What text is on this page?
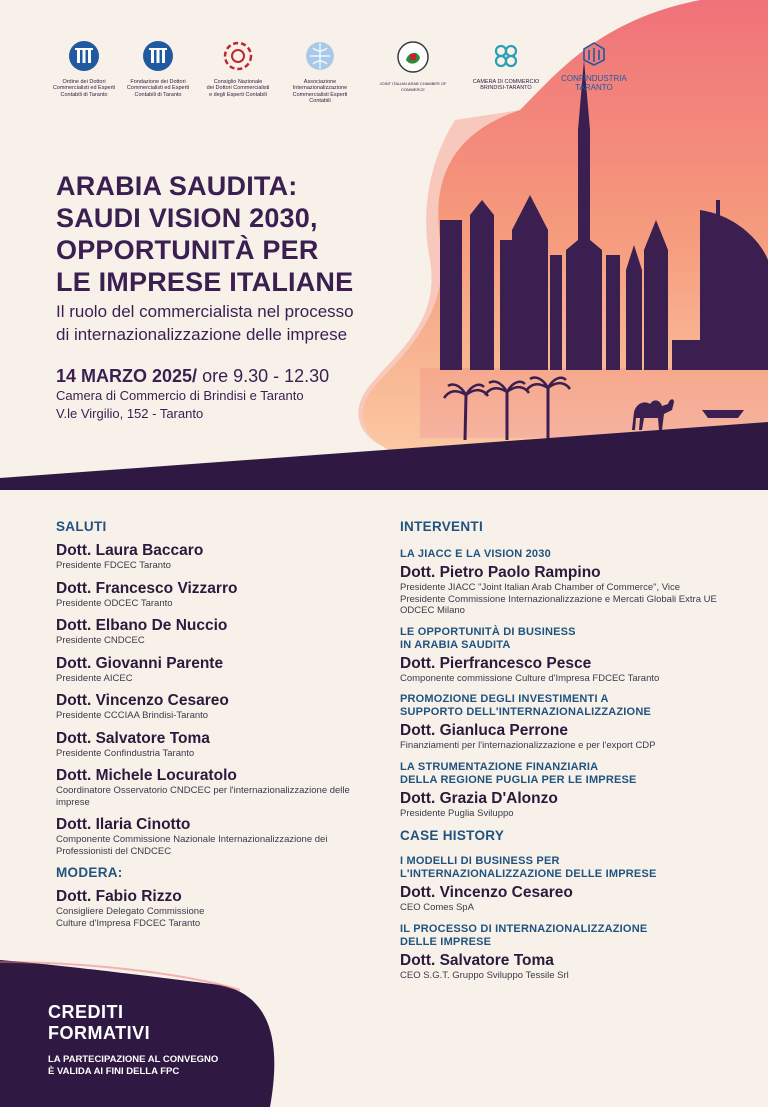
Ordine dei Dottori
Commercialisti ed Esperti
Contabili di Taranto
Fondazione dei Dottori
Commercialisti ed Esperti
Contabili di Taranto
Consiglio Nazionale
dei Dottori Commercialisti
e degli Esperti Contabili
Associazione
Internazionalizzazione
Commercialisti Esperti Contabili
JOINT ITALIAN ARAB CHAMBER OF COMMERCE
CAMERA DI COMMERCIO
BRINDISI-TARANTO
CONFINDUSTRIA
TARANTO
ARABIA SAUDITA:
SAUDI VISION 2030,
OPPORTUNITÀ PER
LE IMPRESE ITALIANE
Il ruolo del commercialista nel processo
di internazionalizzazione delle imprese
14 MARZO 2025/ ore 9.30 - 12.30
Camera di Commercio di Brindisi e Taranto
V.le Virgilio, 152 - Taranto
SALUTI
Dott. Laura Baccaro
Presidente FDCEC Taranto
Dott. Francesco Vizzarro
Presidente ODCEC Taranto
Dott. Elbano De Nuccio
Presidente CNDCEC
Dott. Giovanni Parente
Presidente AICEC
Dott. Vincenzo Cesareo
Presidente CCCIAA Brindisi-Taranto
Dott. Salvatore Toma
Presidente Confindustria Taranto
Dott. Michele Locuratolo
Coordinatore Osservatorio CNDCEC per l'internazionalizzazione delle imprese
Dott. Ilaria Cinotto
Componente Commissione Nazionale Internazionalizzazione dei Professionisti del CNDCEC
MODERA:
Dott. Fabio Rizzo
Consigliere Delegato Commissione
Culture d'Impresa FDCEC Taranto
INTERVENTI
LA JIACC E LA VISION 2030
Dott. Pietro Paolo Rampino
Presidente JIACC "Joint Italian Arab Chamber of Commerce", Vice Presidente Commissione Internazionalizzazione e Mercati Globali Extra UE ODCEC Milano
LE OPPORTUNITÀ DI BUSINESS
IN ARABIA SAUDITA
Dott. Pierfrancesco Pesce
Componente commissione Culture d'Impresa FDCEC Taranto
PROMOZIONE DEGLI INVESTIMENTI A
SUPPORTO DELL'INTERNAZIONALIZZAZIONE
Dott. Gianluca Perrone
Finanziamenti per l'internazionalizzazione e per l'export CDP
LA STRUMENTAZIONE FINANZIARIA
DELLA REGIONE PUGLIA PER LE IMPRESE
Dott. Grazia D'Alonzo
Presidente Puglia Sviluppo
CASE HISTORY
I MODELLI DI BUSINESS PER
L'INTERNAZIONALIZZAZIONE DELLE IMPRESE
Dott. Vincenzo Cesareo
CEO Comes SpA
IL PROCESSO DI INTERNAZIONALIZZAZIONE
DELLE IMPRESE
Dott. Salvatore Toma
CEO S.G.T. Gruppo Sviluppo Tessile Srl
CREDITI
FORMATIVI
LA PARTECIPAZIONE AL CONVEGNO
È VALIDA AI FINI DELLA FPC
